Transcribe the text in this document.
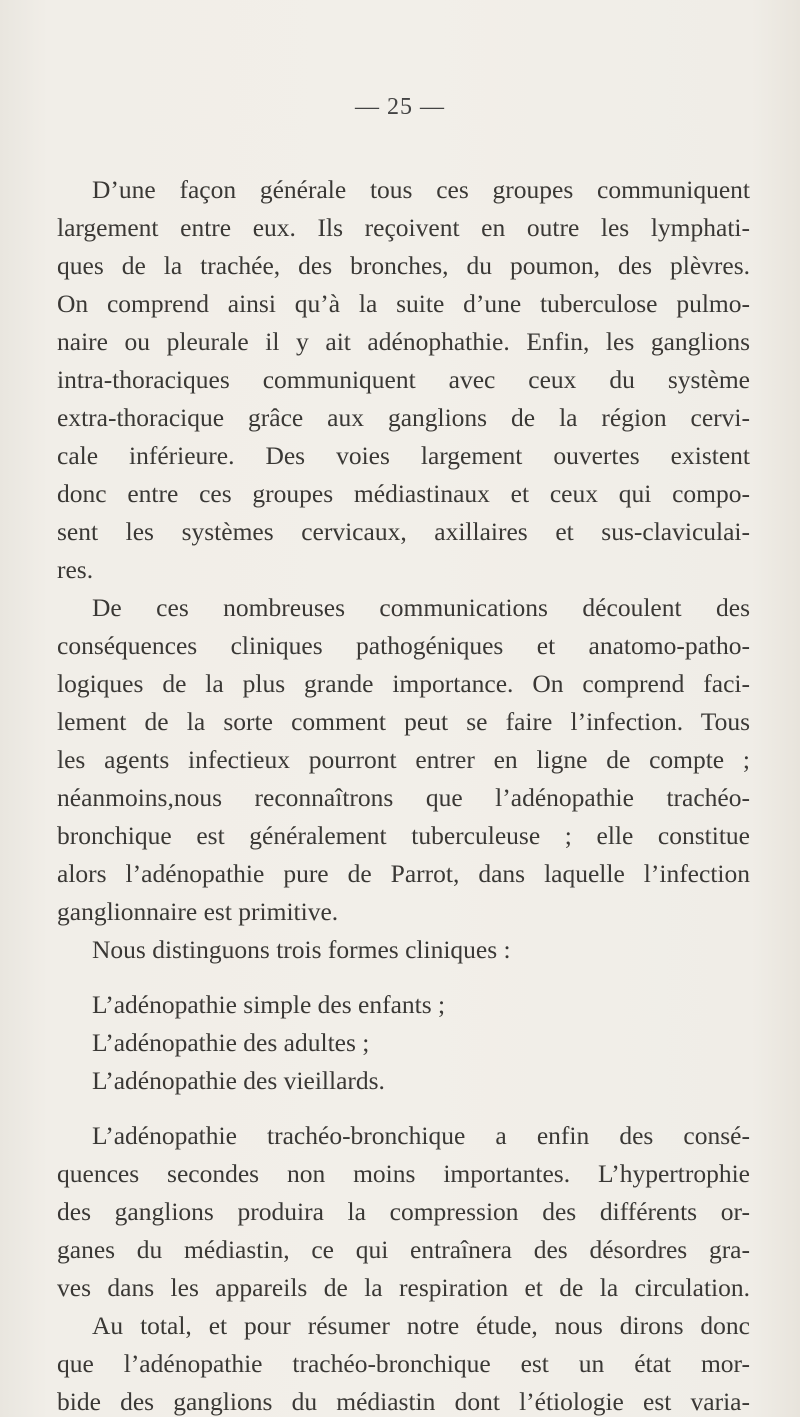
— 25 —
D’une façon générale tous ces groupes communiquent
largement entre eux. Ils reçoivent en outre les lymphati-
ques de la trachée, des bronches, du poumon, des plèvres.
On comprend ainsi qu’à la suite d’une tuberculose pulmo-
naire ou pleurale il y ait adénophathie. Enfin, les ganglions
intra-thoraciques communiquent avec ceux du système
extra-thoracique grâce aux ganglions de la région cervi-
cale inférieure. Des voies largement ouvertes existent
donc entre ces groupes médiastinaux et ceux qui compo-
sent les systèmes cervicaux, axillaires et sus-claviculai-
res.
De ces nombreuses communications découlent des
conséquences cliniques pathogéniques et anatomo-patho-
logiques de la plus grande importance. On comprend faci-
lement de la sorte comment peut se faire l’infection. Tous
les agents infectieux pourront entrer en ligne de compte ;
néanmoins,nous reconnaîtrons que l’adénopathie trachéo-
bronchique est généralement tuberculeuse ; elle constitue
alors l’adénopathie pure de Parrot, dans laquelle l’infection
ganglionnaire est primitive.
Nous distinguons trois formes cliniques :
L’adénopathie simple des enfants ;
L’adénopathie des adultes ;
L’adénopathie des vieillards.
L’adénopathie trachéo-bronchique a enfin des consé-
quences secondes non moins importantes. L’hypertrophie
des ganglions produira la compression des différents or-
ganes du médiastin, ce qui entraînera des désordres gra-
ves dans les appareils de la respiration et de la circulation.
Au total, et pour résumer notre étude, nous dirons donc
que l’adénopathie trachéo-bronchique est un état mor-
bide des ganglions du médiastin dont l’étiologie est varia-
